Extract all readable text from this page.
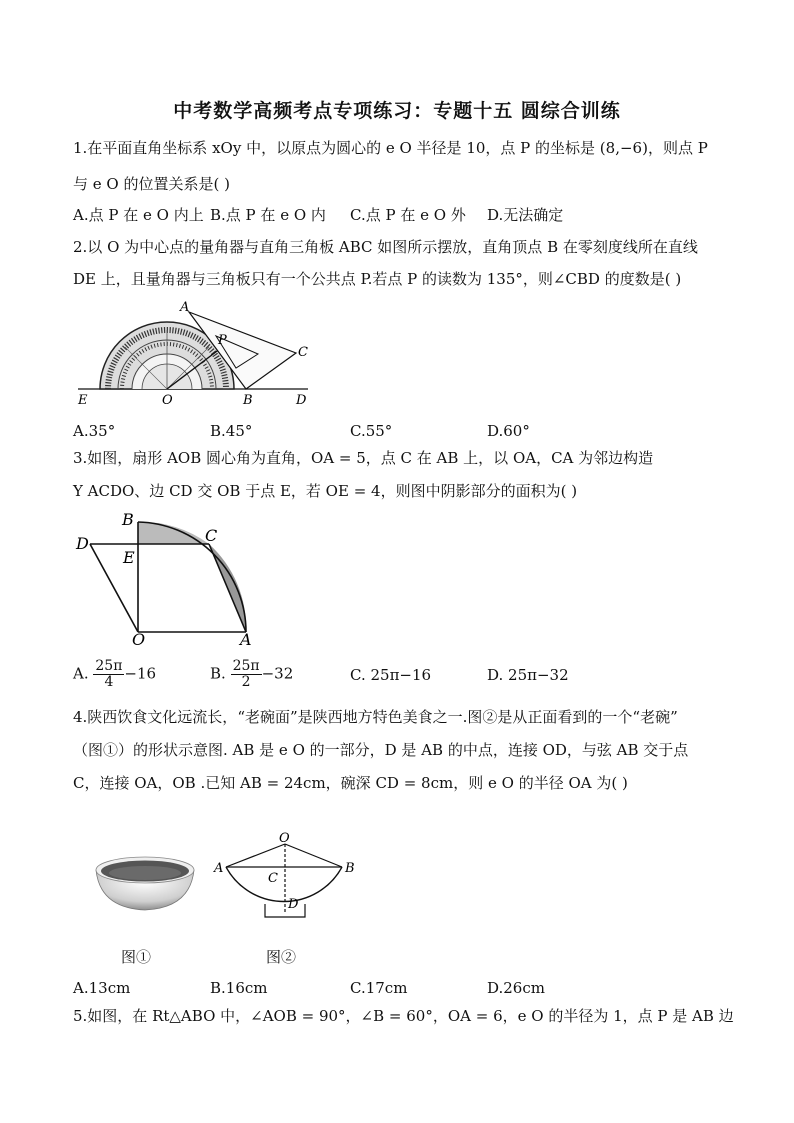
中考数学高频考点专项练习：专题十五 圆综合训练
1.在平面直角坐标系 xOy 中，以原点为圆心的 e O 半径是 10，点 P 的坐标是 (8,−6)，则点 P
与 e O 的位置关系是( )
A.点 P 在 e O 内上 B.点 P 在 e O 内 C.点 P 在 e O 外 D.无法确定
2.以 O 为中心点的量角器与直角三角板 ABC 如图所示摆放，直角顶点 B 在零刻度线所在直线
DE 上，且量角器与三角板只有一个公共点 P.若点 P 的读数为 135°，则∠CBD 的度数是( )
A
P
C
E	O	B	D
A.35°	B.45°	C.55°	D.60°
3.如图，扇形 AOB 圆心角为直角，OA = 5，点 C 在 AB 上，以 OA，CA 为邻边构造
Y ACDO、边 CD 交 OB 于点 E，若 OE = 4，则图中阴影部分的面积为( )
B
C
D
E
O	A
A. $\frac{25\pi}{4} -16$	B. $\frac{25\pi}{2} -32$	C. 25π−16	D. 25π−32
4.陕西饮食文化远流长，“老碗面”是陕西地方特色美食之一.图②是从正面看到的一个“老碗”
（图①）的形状示意图. AB 是 e O 的一部分，D 是 AB 的中点，连接 OD，与弦 AB 交于点
C，连接 OA，OB .已知 AB = 24cm，碗深 CD = 8cm，则 e O 的半径 OA 为( )
O
A	B
C
D
图①	图②
A.13cm	B.16cm	C.17cm	D.26cm
5.如图，在 Rt△ABO 中，∠AOB = 90°，∠B = 60°，OA = 6，e O 的半径为 1，点 P 是 AB 边
